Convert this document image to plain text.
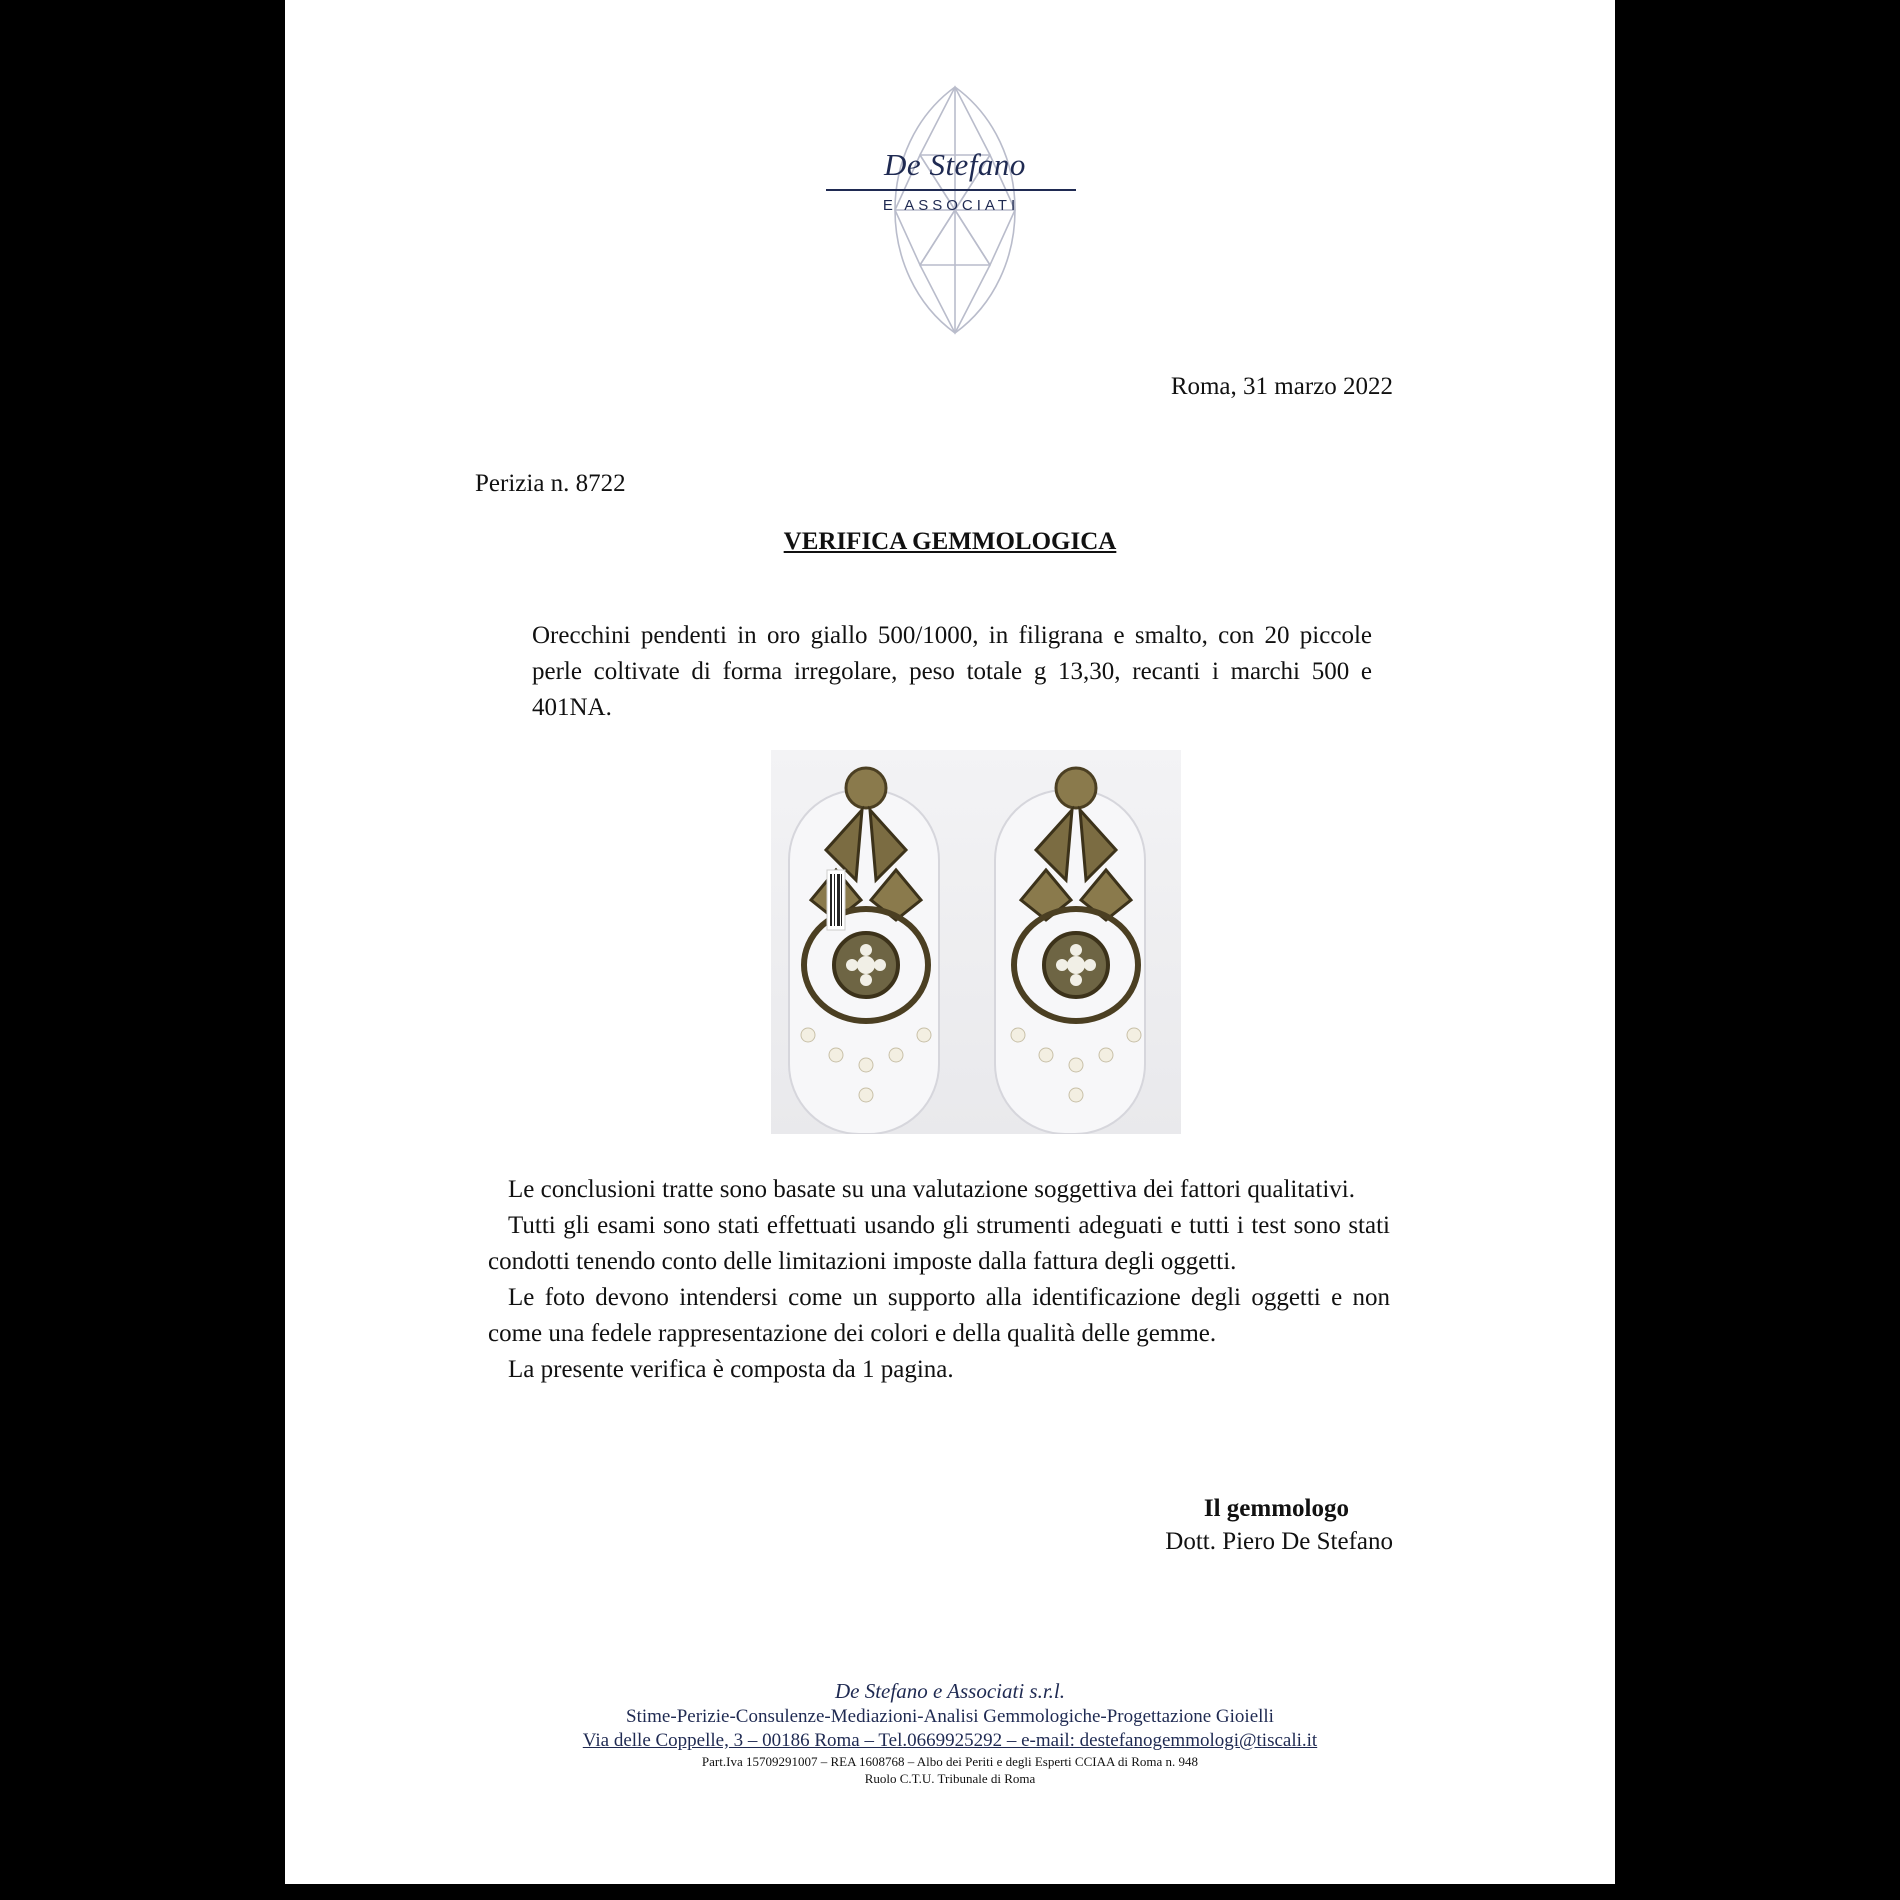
De Stefano
E ASSOCIATI
Roma, 31 marzo 2022
Perizia n. 8722
VERIFICA GEMMOLOGICA
Orecchini pendenti in oro giallo 500/1000, in filigrana e smalto, con 20 piccole perle coltivate di forma irregolare, peso totale g 13,30, recanti i marchi 500 e 401NA.

Le conclusioni tratte sono basate su una valutazione soggettiva dei fattori qualitativi.

Tutti gli esami sono stati effettuati usando gli strumenti adeguati e tutti i test sono stati condotti tenendo conto delle limitazioni imposte dalla fattura degli oggetti.

Le foto devono intendersi come un supporto alla identificazione degli oggetti e non come una fedele rappresentazione dei colori e della qualità delle gemme.

La presente verifica è composta da 1 pagina.

Il gemmologo
Dott. Piero De Stefano
De Stefano e Associati s.r.l.
Stime-Perizie-Consulenze-Mediazioni-Analisi Gemmologiche-Progettazione Gioielli
Via delle Coppelle, 3 – 00186 Roma – Tel.0669925292 – e-mail: destefanogemmologi@tiscali.it
Part.Iva 15709291007 – REA 1608768 – Albo dei Periti e degli Esperti CCIAA di Roma n. 948
Ruolo C.T.U. Tribunale di Roma
